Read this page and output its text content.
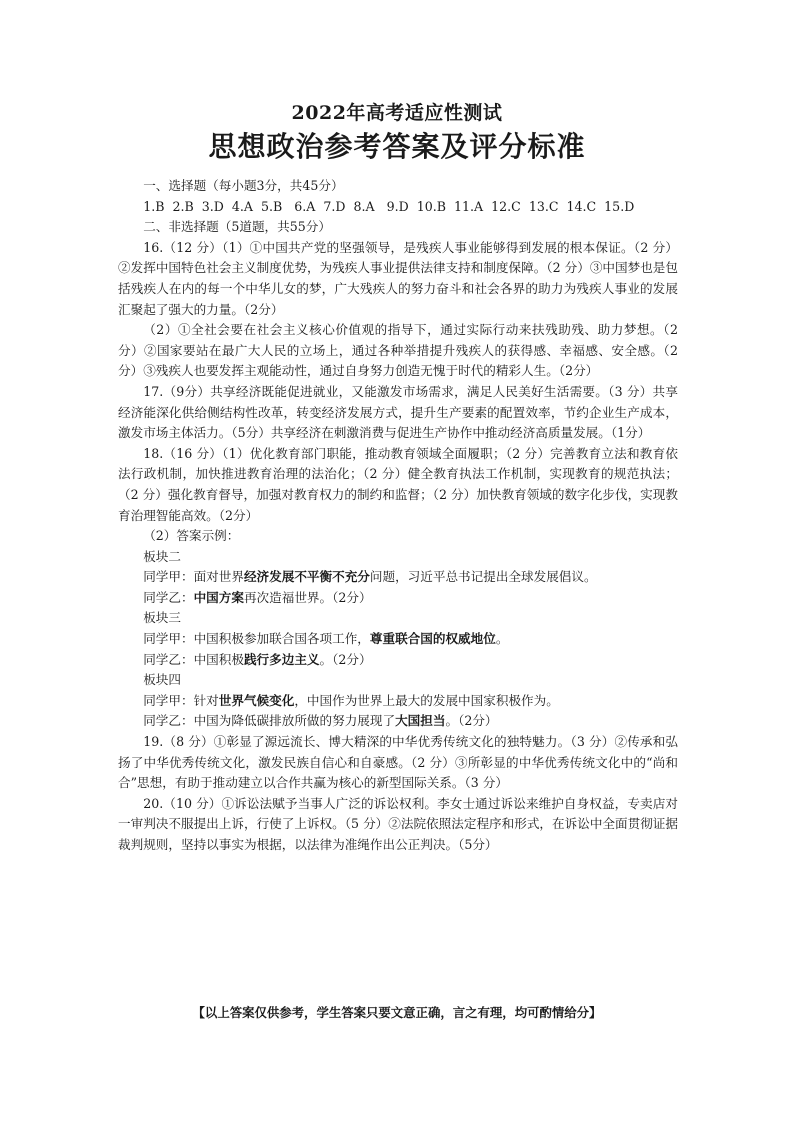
2022年高考适应性测试
思想政治参考答案及评分标准

一、选择题（每小题3分，共45分）

1.B  2.B  3.D  4.A  5.B   6.A  7.D  8.A   9.D  10.B  11.A  12.C  13.C  14.C  15.D

二、非选择题（5道题，共55分）

16.（12 分）（1）①中国共产党的坚强领导，是残疾人事业能够得到发展的根本保证。（2 分）②发挥中国特色社会主义制度优势，为残疾人事业提供法律支持和制度保障。（2 分）③中国梦也是包括残疾人在内的每一个中华儿女的梦，广大残疾人的努力奋斗和社会各界的助力为残疾人事业的发展汇聚起了强大的力量。（2分）

（2）①全社会要在社会主义核心价值观的指导下，通过实际行动来扶残助残、助力梦想。（2 分）②国家要站在最广大人民的立场上，通过各种举措提升残疾人的获得感、幸福感、安全感。（2 分）③残疾人也要发挥主观能动性，通过自身努力创造无愧于时代的精彩人生。（2分）

17.（9分）共享经济既能促进就业，又能激发市场需求，满足人民美好生活需要。（3 分）共享经济能深化供给侧结构性改革，转变经济发展方式，提升生产要素的配置效率，节约企业生产成本，激发市场主体活力。（5分）共享经济在刺激消费与促进生产协作中推动经济高质量发展。（1分）

18.（16 分）（1）优化教育部门职能，推动教育领域全面履职；（2 分）完善教育立法和教育依法行政机制，加快推进教育治理的法治化；（2 分）健全教育执法工作机制，实现教育的规范执法；（2 分）强化教育督导，加强对教育权力的制约和监督；（2 分）加快教育领域的数字化步伐，实现教育治理智能高效。（2分）

（2）答案示例：

板块二

同学甲：面对世界经济发展不平衡不充分问题，习近平总书记提出全球发展倡议。

同学乙：中国方案再次造福世界。（2分）

板块三

同学甲：中国积极参加联合国各项工作，尊重联合国的权威地位。

同学乙：中国积极践行多边主义。（2分）

板块四

同学甲：针对世界气候变化，中国作为世界上最大的发展中国家积极作为。

同学乙：中国为降低碳排放所做的努力展现了大国担当。（2分）

19.（8 分）①彰显了源远流长、博大精深的中华优秀传统文化的独特魅力。（3 分）②传承和弘扬了中华优秀传统文化，激发民族自信心和自豪感。（2 分）③所彰显的中华优秀传统文化中的“尚和合”思想，有助于推动建立以合作共赢为核心的新型国际关系。（3 分）

20.（10 分）①诉讼法赋予当事人广泛的诉讼权利。李女士通过诉讼来维护自身权益，专卖店对一审判决不服提出上诉，行使了上诉权。（5 分）②法院依照法定程序和形式，在诉讼中全面贯彻证据裁判规则，坚持以事实为根据，以法律为准绳作出公正判决。（5分）

【以上答案仅供参考，学生答案只要文意正确，言之有理，均可酌情给分】
